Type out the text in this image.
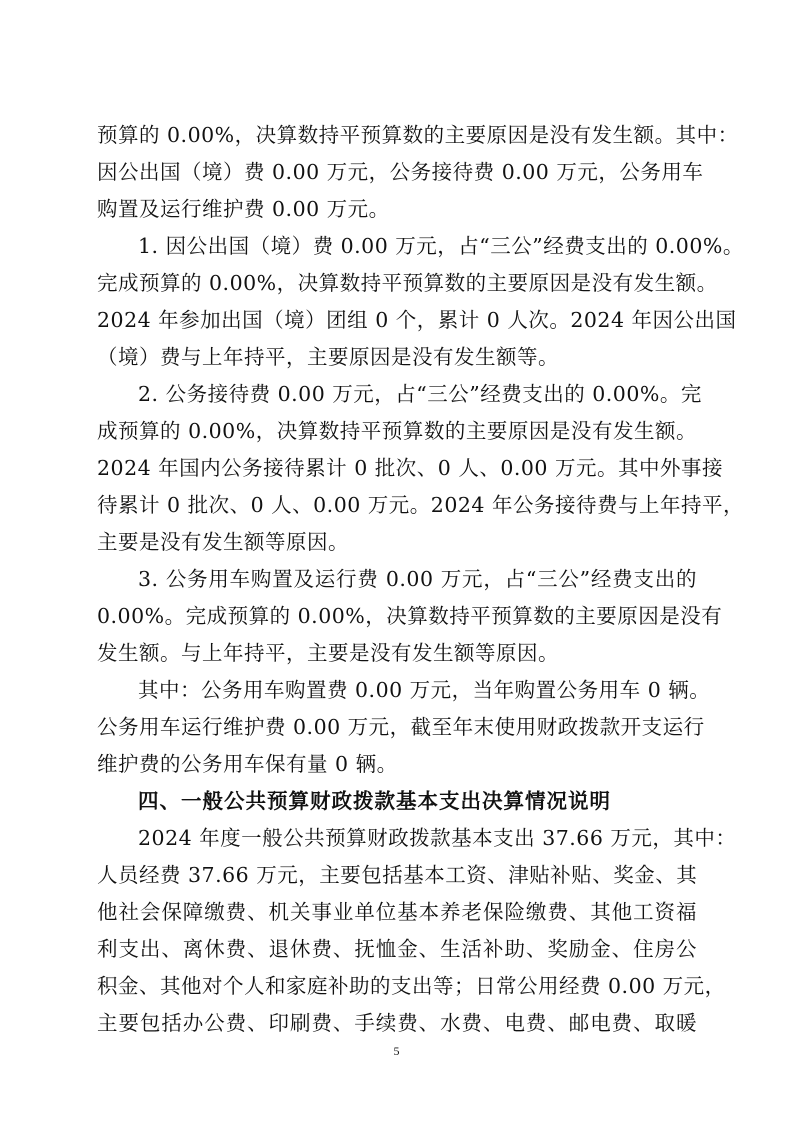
预算的 0.00%，决算数持平预算数的主要原因是没有发生额。其中：
因公出国（境）费 0.00 万元，公务接待费 0.00 万元，公务用车
购置及运行维护费 0.00 万元。
1. 因公出国（境）费 0.00 万元，占“三公”经费支出的 0.00%。
完成预算的 0.00%，决算数持平预算数的主要原因是没有发生额。
2024 年参加出国（境）团组 0 个，累计 0 人次。2024 年因公出国
（境）费与上年持平，主要原因是没有发生额等。
2. 公务接待费 0.00 万元，占“三公”经费支出的 0.00%。完
成预算的 0.00%，决算数持平预算数的主要原因是没有发生额。
2024 年国内公务接待累计 0 批次、0 人、0.00 万元。其中外事接
待累计 0 批次、0 人、0.00 万元。2024 年公务接待费与上年持平，
主要是没有发生额等原因。
3. 公务用车购置及运行费 0.00 万元，占“三公”经费支出的
0.00%。完成预算的 0.00%，决算数持平预算数的主要原因是没有
发生额。与上年持平，主要是没有发生额等原因。
其中：公务用车购置费 0.00 万元，当年购置公务用车 0 辆。
公务用车运行维护费 0.00 万元，截至年末使用财政拨款开支运行
维护费的公务用车保有量 0 辆。
四、一般公共预算财政拨款基本支出决算情况说明
2024 年度一般公共预算财政拨款基本支出 37.66 万元，其中：
人员经费 37.66 万元，主要包括基本工资、津贴补贴、奖金、其
他社会保障缴费、机关事业单位基本养老保险缴费、其他工资福
利支出、离休费、退休费、抚恤金、生活补助、奖励金、住房公
积金、其他对个人和家庭补助的支出等；日常公用经费 0.00 万元，
主要包括办公费、印刷费、手续费、水费、电费、邮电费、取暖
5
